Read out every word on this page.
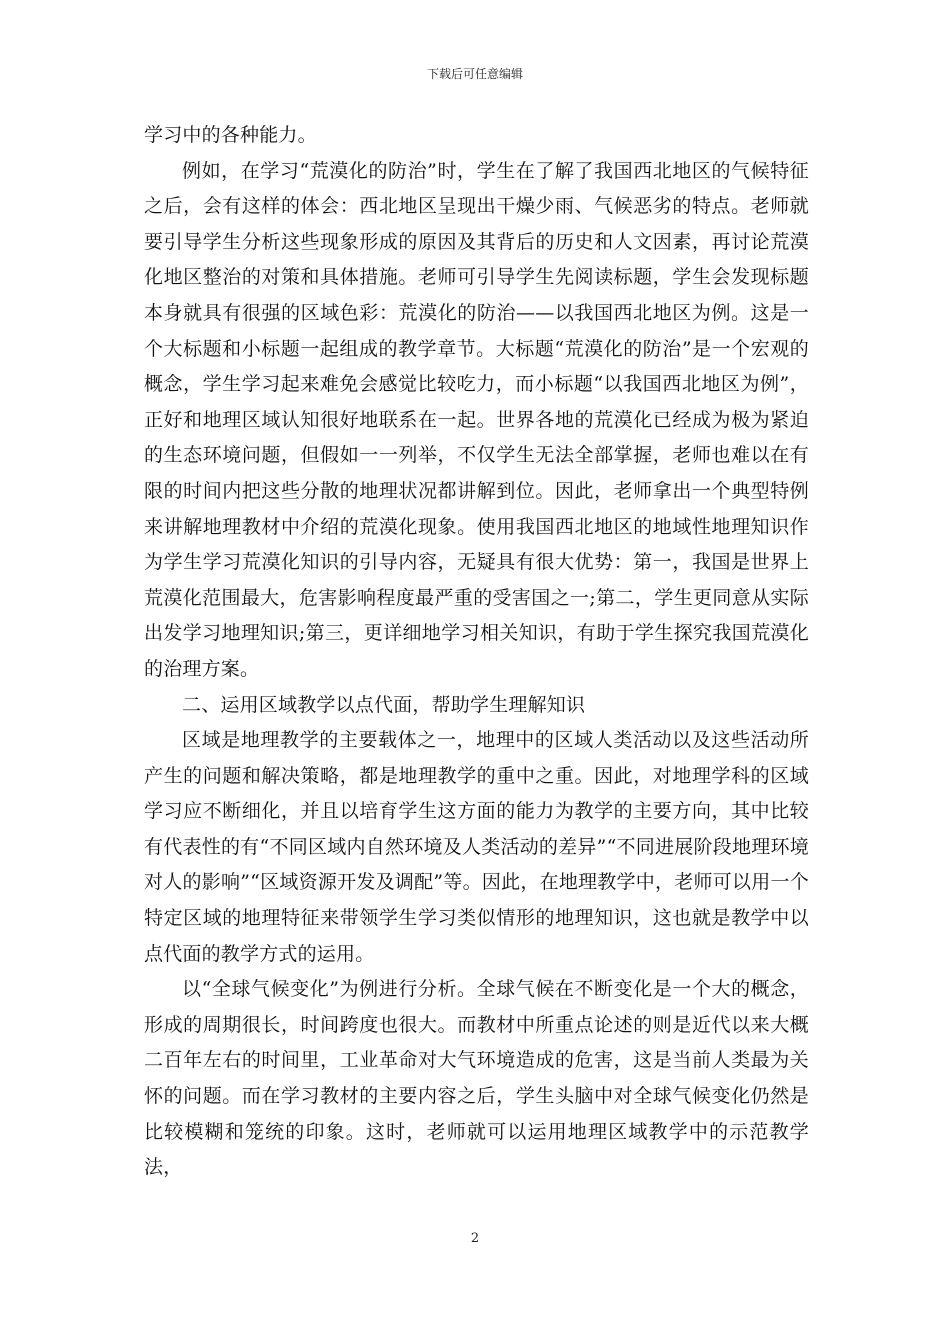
下载后可任意编辑

学习中的各种能力。

例如，在学习“荒漠化的防治”时，学生在了解了我国西北地区的气候特征之后，会有这样的体会：西北地区呈现出干燥少雨、气候恶劣的特点。老师就要引导学生分析这些现象形成的原因及其背后的历史和人文因素，再讨论荒漠化地区整治的对策和具体措施。老师可引导学生先阅读标题，学生会发现标题本身就具有很强的区域色彩：荒漠化的防治——以我国西北地区为例。这是一个大标题和小标题一起组成的教学章节。大标题“荒漠化的防治”是一个宏观的概念，学生学习起来难免会感觉比较吃力，而小标题“以我国西北地区为例”，正好和地理区域认知很好地联系在一起。世界各地的荒漠化已经成为极为紧迫的生态环境问题，但假如一一列举，不仅学生无法全部掌握，老师也难以在有限的时间内把这些分散的地理状况都讲解到位。因此，老师拿出一个典型特例来讲解地理教材中介绍的荒漠化现象。使用我国西北地区的地域性地理知识作为学生学习荒漠化知识的引导内容，无疑具有很大优势：第一，我国是世界上荒漠化范围最大，危害影响程度最严重的受害国之一;第二，学生更同意从实际出发学习地理知识;第三，更详细地学习相关知识，有助于学生探究我国荒漠化的治理方案。

二、运用区域教学以点代面，帮助学生理解知识

区域是地理教学的主要载体之一，地理中的区域人类活动以及这些活动所产生的问题和解决策略，都是地理教学的重中之重。因此，对地理学科的区域学习应不断细化，并且以培育学生这方面的能力为教学的主要方向，其中比较有代表性的有“不同区域内自然环境及人类活动的差异”“不同进展阶段地理环境对人的影响”“区域资源开发及调配”等。因此，在地理教学中，老师可以用一个特定区域的地理特征来带领学生学习类似情形的地理知识，这也就是教学中以点代面的教学方式的运用。

以“全球气候变化”为例进行分析。全球气候在不断变化是一个大的概念，形成的周期很长，时间跨度也很大。而教材中所重点论述的则是近代以来大概二百年左右的时间里，工业革命对大气环境造成的危害，这是当前人类最为关怀的问题。而在学习教材的主要内容之后，学生头脑中对全球气候变化仍然是比较模糊和笼统的印象。这时，老师就可以运用地理区域教学中的示范教学法，

2
